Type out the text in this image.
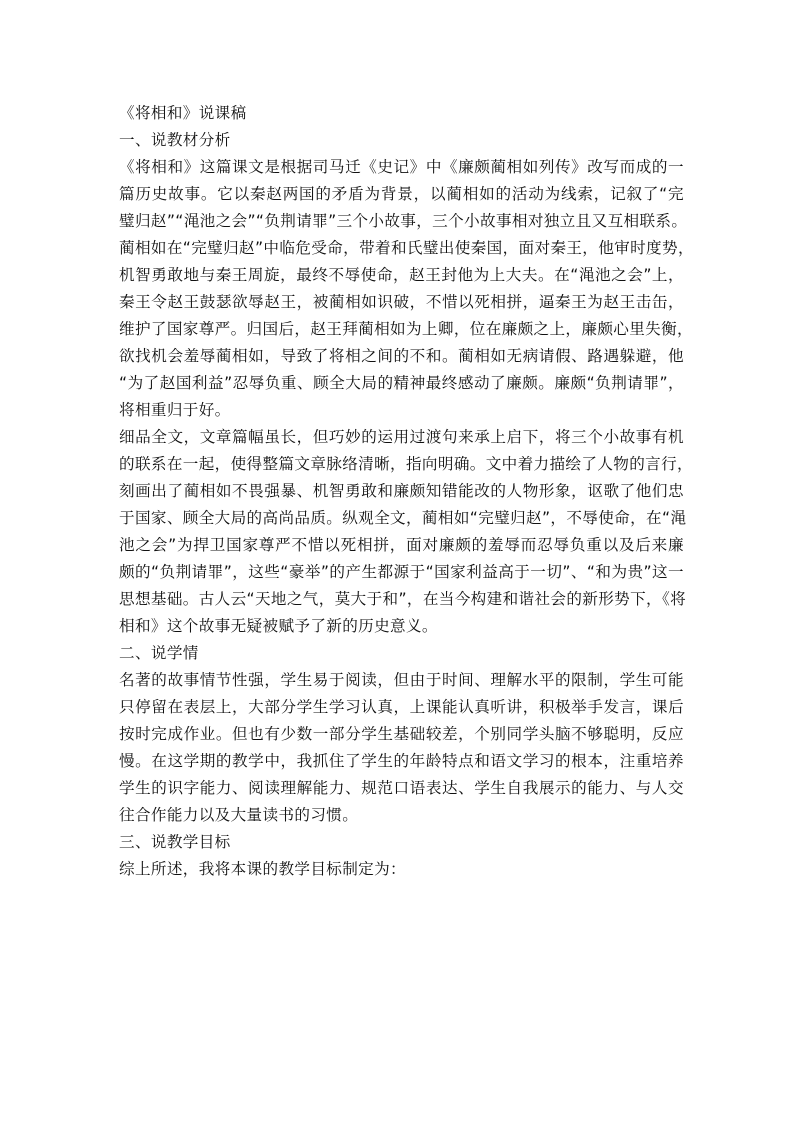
《将相和》说课稿
一、说教材分析
《将相和》这篇课文是根据司马迁《史记》中《廉颇蔺相如列传》改写而成的一
篇历史故事。它以秦赵两国的矛盾为背景，以蔺相如的活动为线索，记叙了“完
璧归赵”“渑池之会”“负荆请罪”三个小故事，三个小故事相对独立且又互相联系。
蔺相如在“完璧归赵”中临危受命，带着和氏璧出使秦国，面对秦王，他审时度势，
机智勇敢地与秦王周旋，最终不辱使命，赵王封他为上大夫。在“渑池之会”上，
秦王令赵王鼓瑟欲辱赵王，被蔺相如识破，不惜以死相拼，逼秦王为赵王击缶，
维护了国家尊严。归国后，赵王拜蔺相如为上卿，位在廉颇之上，廉颇心里失衡，
欲找机会羞辱蔺相如，导致了将相之间的不和。蔺相如无病请假、路遇躲避，他
“为了赵国利益”忍辱负重、顾全大局的精神最终感动了廉颇。廉颇“负荆请罪”，
将相重归于好。
细品全文，文章篇幅虽长，但巧妙的运用过渡句来承上启下，将三个小故事有机
的联系在一起，使得整篇文章脉络清晰，指向明确。文中着力描绘了人物的言行，
刻画出了蔺相如不畏强暴、机智勇敢和廉颇知错能改的人物形象，讴歌了他们忠
于国家、顾全大局的高尚品质。纵观全文，蔺相如“完璧归赵”，不辱使命，在“渑
池之会”为捍卫国家尊严不惜以死相拼，面对廉颇的羞辱而忍辱负重以及后来廉
颇的“负荆请罪”，这些“豪举”的产生都源于“国家利益高于一切”、“和为贵”这一
思想基础。古人云“天地之气，莫大于和”，在当今构建和谐社会的新形势下，《将
相和》这个故事无疑被赋予了新的历史意义。
二、说学情
名著的故事情节性强，学生易于阅读，但由于时间、理解水平的限制，学生可能
只停留在表层上，大部分学生学习认真，上课能认真听讲，积极举手发言，课后
按时完成作业。但也有少数一部分学生基础较差，个别同学头脑不够聪明，反应
慢。在这学期的教学中，我抓住了学生的年龄特点和语文学习的根本，注重培养
学生的识字能力、阅读理解能力、规范口语表达、学生自我展示的能力、与人交
往合作能力以及大量读书的习惯。
三、说教学目标
综上所述，我将本课的教学目标制定为：
